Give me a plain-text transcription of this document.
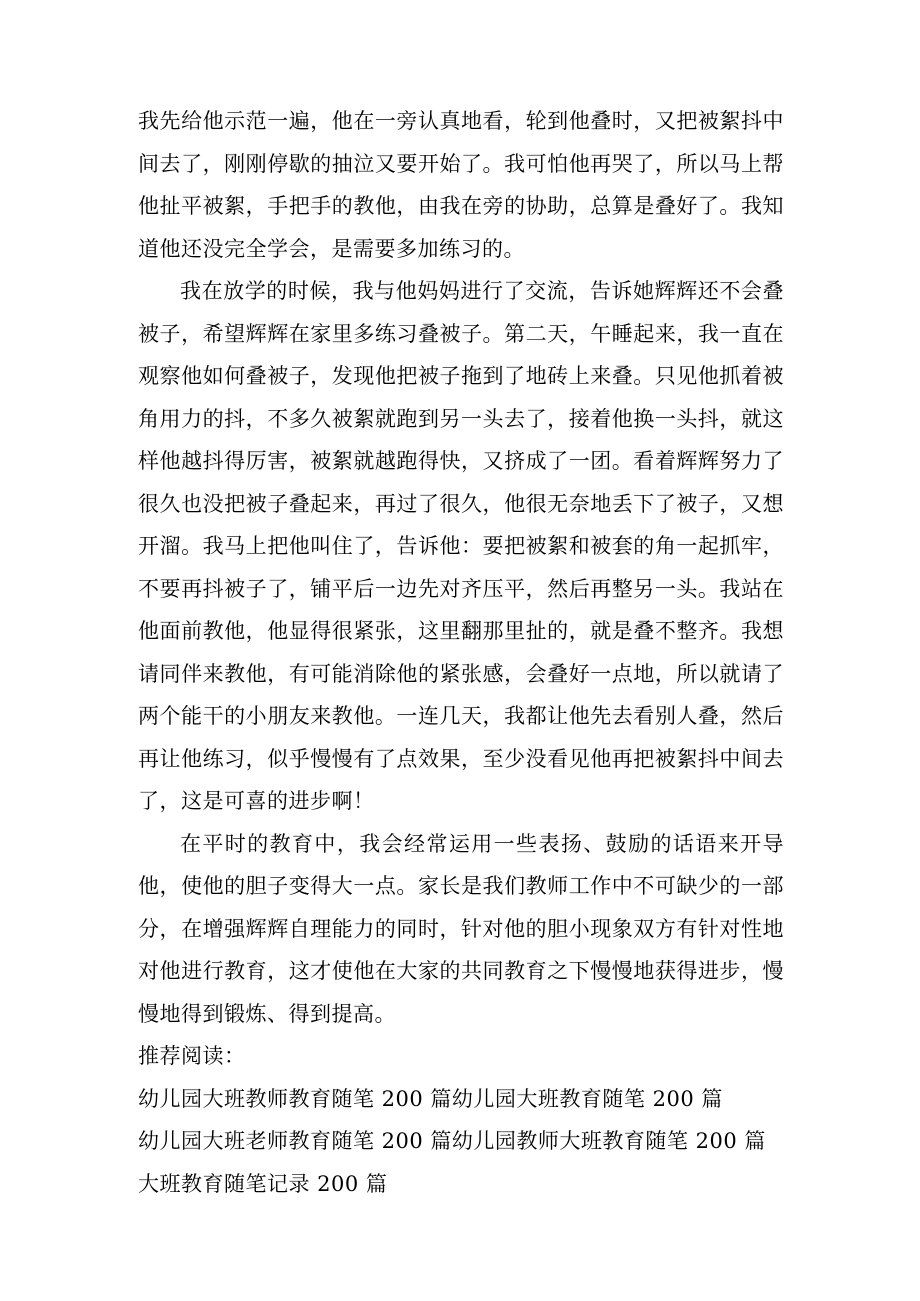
我先给他示范一遍，他在一旁认真地看，轮到他叠时，又把被絮抖中间去了，刚刚停歇的抽泣又要开始了。我可怕他再哭了，所以马上帮他扯平被絮，手把手的教他，由我在旁的协助，总算是叠好了。我知道他还没完全学会，是需要多加练习的。

我在放学的时候，我与他妈妈进行了交流，告诉她辉辉还不会叠被子，希望辉辉在家里多练习叠被子。第二天，午睡起来，我一直在观察他如何叠被子，发现他把被子拖到了地砖上来叠。只见他抓着被角用力的抖，不多久被絮就跑到另一头去了，接着他换一头抖，就这样他越抖得厉害，被絮就越跑得快，又挤成了一团。看着辉辉努力了很久也没把被子叠起来，再过了很久，他很无奈地丢下了被子，又想开溜。我马上把他叫住了，告诉他：要把被絮和被套的角一起抓牢，不要再抖被子了，铺平后一边先对齐压平，然后再整另一头。我站在他面前教他，他显得很紧张，这里翻那里扯的，就是叠不整齐。我想请同伴来教他，有可能消除他的紧张感，会叠好一点地，所以就请了两个能干的小朋友来教他。一连几天，我都让他先去看别人叠，然后再让他练习，似乎慢慢有了点效果，至少没看见他再把被絮抖中间去了，这是可喜的进步啊！

在平时的教育中，我会经常运用一些表扬、鼓励的话语来开导他，使他的胆子变得大一点。家长是我们教师工作中不可缺少的一部分，在增强辉辉自理能力的同时，针对他的胆小现象双方有针对性地对他进行教育，这才使他在大家的共同教育之下慢慢地获得进步，慢慢地得到锻炼、得到提高。

推荐阅读：

幼儿园大班教师教育随笔 200 篇幼儿园大班教育随笔 200 篇
幼儿园大班老师教育随笔 200 篇幼儿园教师大班教育随笔 200 篇大班教育随笔记录 200 篇
